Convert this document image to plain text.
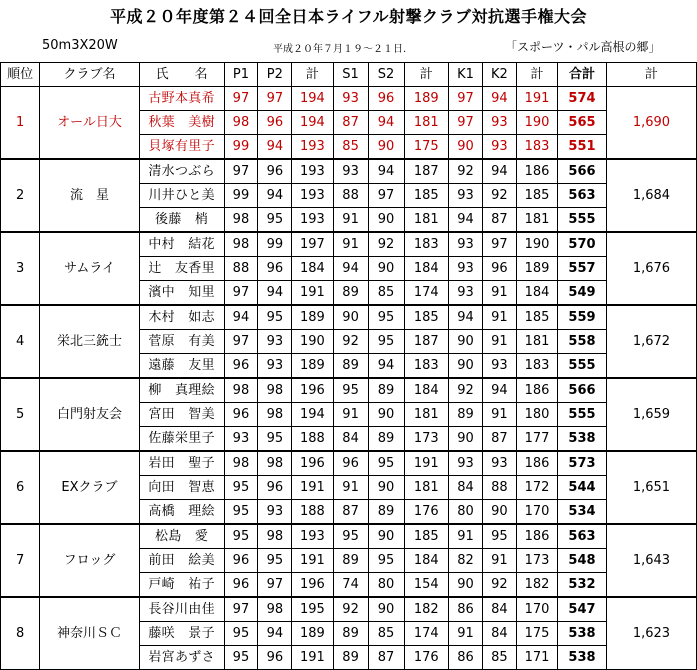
平成２０年度第２４回全日本ライフル射撃クラブ対抗選手権大会
50m3X20W	平成２０年７月１９～２１日.	「スポーツ・パル高根の郷」
順位	クラブ名	氏　　名	P1	P2	計	S1	S2	計	K1	K2	計	合計	計
1	オール日大	古野本真希	97	97	194	93	96	189	97	94	191	574	1,690
		秋葉　美樹	98	96	194	87	94	181	97	93	190	565	
		貝塚有里子	99	94	193	85	90	175	90	93	183	551	
2	流　星	清水つぶら	97	96	193	93	94	187	92	94	186	566	1,684
		川井ひと美	99	94	193	88	97	185	93	92	185	563	
		後藤　梢	98	95	193	91	90	181	94	87	181	555	
3	サムライ	中村　結花	98	99	197	91	92	183	93	97	190	570	1,676
		辻　友香里	88	96	184	94	90	184	93	96	189	557	
		濱中　知里	97	94	191	89	85	174	93	91	184	549	
4	栄北三銃士	木村　如志	94	95	189	90	95	185	94	91	185	559	1,672
		菅原　有美	97	93	190	92	95	187	90	91	181	558	
		遠藤　友里	96	93	189	89	94	183	90	93	183	555	
5	白門射友会	柳　真理絵	98	98	196	95	89	184	92	94	186	566	1,659
		宮田　智美	96	98	194	91	90	181	89	91	180	555	
		佐藤栄里子	93	95	188	84	89	173	90	87	177	538	
6	EXクラブ	岩田　聖子	98	98	196	96	95	191	93	93	186	573	1,651
		向田　智恵	95	96	191	91	90	181	84	88	172	544	
		高橋　理絵	95	93	188	87	89	176	80	90	170	534	
7	フロッグ	松島　愛	95	98	193	95	90	185	91	95	186	563	1,643
		前田　絵美	96	95	191	89	95	184	82	91	173	548	
		戸崎　祐子	96	97	196	74	80	154	90	92	182	532	
8	神奈川ＳＣ	長谷川由佳	97	98	195	92	90	182	86	84	170	547	1,623
		藤咲　景子	95	94	189	89	85	174	91	84	175	538	
		岩宮あずさ	95	96	191	89	87	176	86	85	171	538	
